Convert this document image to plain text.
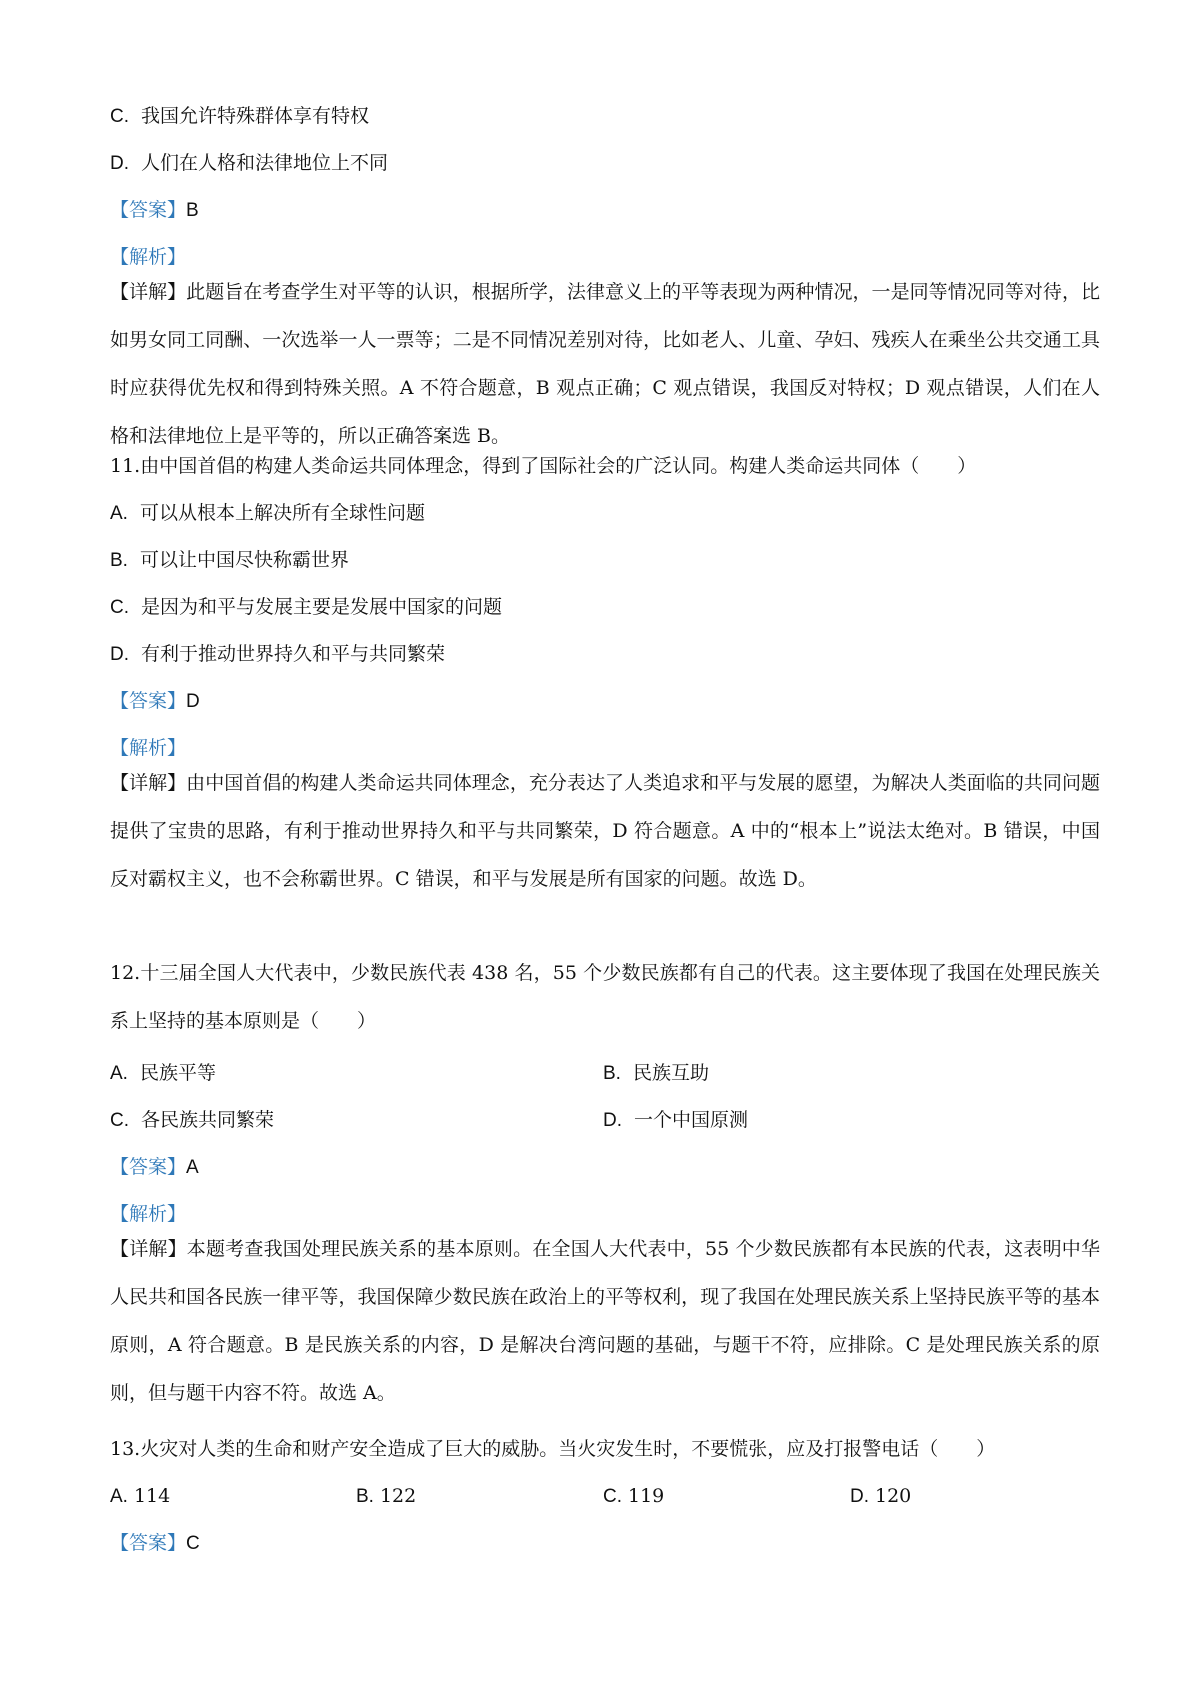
C. 我国允许特殊群体享有特权
D. 人们在人格和法律地位上不同
【答案】B
【解析】
【详解】此题旨在考查学生对平等的认识，根据所学，法律意义上的平等表现为两种情况，一是同等情况同等对待，比如男女同工同酬、一次选举一人一票等；二是不同情况差别对待，比如老人、儿童、孕妇、残疾人在乘坐公共交通工具时应获得优先权和得到特殊关照。A 不符合题意，B 观点正确；C 观点错误，我国反对特权；D 观点错误，人们在人格和法律地位上是平等的，所以正确答案选 B。
11.由中国首倡的构建人类命运共同体理念，得到了国际社会的广泛认同。构建人类命运共同体（　　）
A. 可以从根本上解决所有全球性问题
B. 可以让中国尽快称霸世界
C. 是因为和平与发展主要是发展中国家的问题
D. 有利于推动世界持久和平与共同繁荣
【答案】D
【解析】
【详解】由中国首倡的构建人类命运共同体理念，充分表达了人类追求和平与发展的愿望，为解决人类面临的共同问题提供了宝贵的思路，有利于推动世界持久和平与共同繁荣，D 符合题意。A 中的“根本上”说法太绝对。B 错误，中国反对霸权主义，也不会称霸世界。C 错误，和平与发展是所有国家的问题。故选 D。
12.十三届全国人大代表中，少数民族代表 438 名，55 个少数民族都有自己的代表。这主要体现了我国在处理民族关系上坚持的基本原则是（　　）
A. 民族平等	B. 民族互助
C. 各民族共同繁荣	D. 一个中国原测
【答案】A
【解析】
【详解】本题考查我国处理民族关系的基本原则。在全国人大代表中，55 个少数民族都有本民族的代表，这表明中华人民共和国各民族一律平等，我国保障少数民族在政治上的平等权利，现了我国在处理民族关系上坚持民族平等的基本原则，A 符合题意。B 是民族关系的内容，D 是解决台湾问题的基础，与题干不符，应排除。C 是处理民族关系的原则，但与题干内容不符。故选 A。
13.火灾对人类的生命和财产安全造成了巨大的威胁。当火灾发生时，不要慌张，应及打报警电话（　　）
A. 114	B. 122	C. 119	D. 120
【答案】C
